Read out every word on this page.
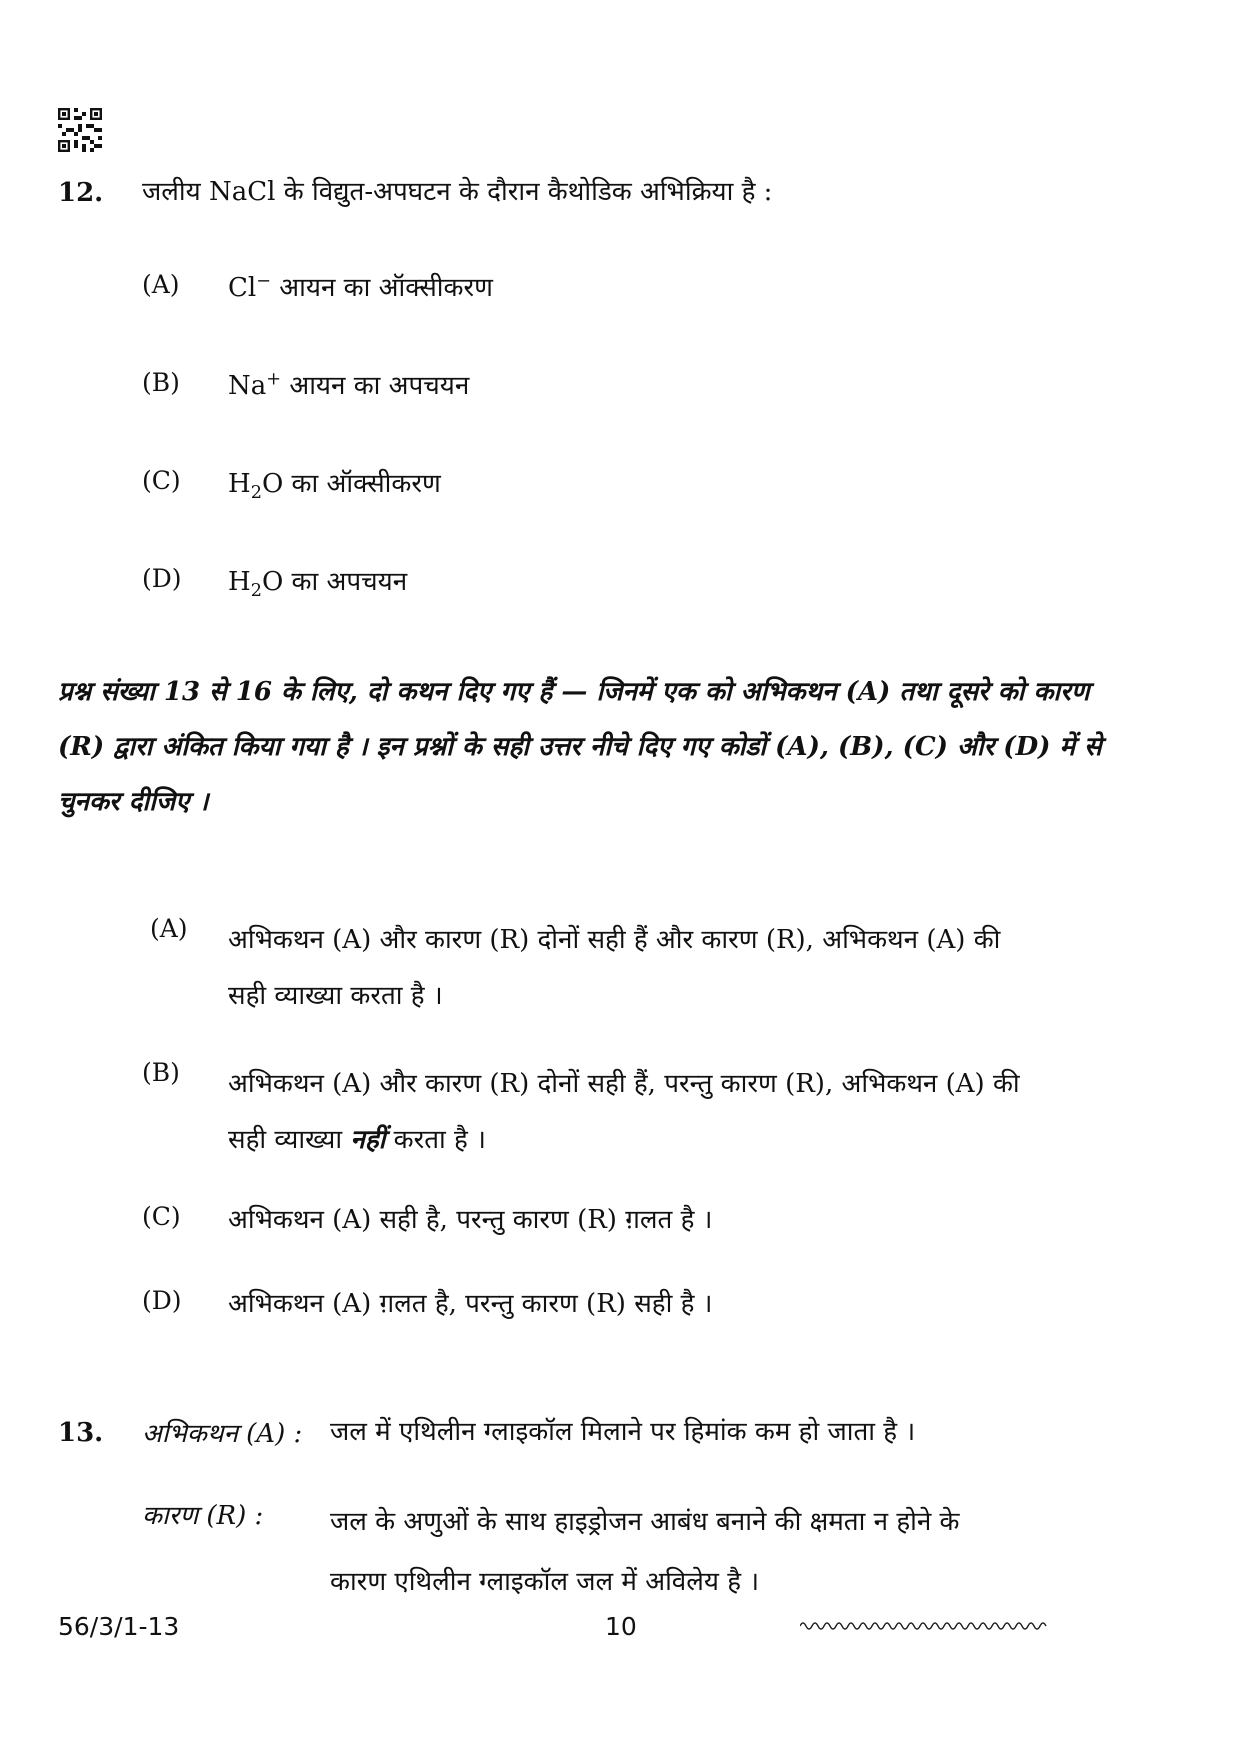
12. जलीय NaCl के विद्युत-अपघटन के दौरान कैथोडिक अभिक्रिया है :
(A) Cl− आयन का ऑक्सीकरण
(B) Na+ आयन का अपचयन
(C) $H_2O$ का ऑक्सीकरण
(D) $H_2O$ का अपचयन
प्रश्न संख्या 13 से 16 के लिए, दो कथन दिए गए हैं — जिनमें एक को अभिकथन (A) तथा दूसरे को कारण (R) द्वारा अंकित किया गया है । इन प्रश्नों के सही उत्तर नीचे दिए गए कोडों (A), (B), (C) और (D) में से चुनकर दीजिए ।
(A) अभिकथन (A) और कारण (R) दोनों सही हैं और कारण (R), अभिकथन (A) की
सही व्याख्या करता है ।
(B) अभिकथन (A) और कारण (R) दोनों सही हैं, परन्तु कारण (R), अभिकथन (A) की
सही व्याख्या नहीं करता है ।
(C) अभिकथन (A) सही है, परन्तु कारण (R) ग़लत है ।
(D) अभिकथन (A) ग़लत है, परन्तु कारण (R) सही है ।
13. अभिकथन (A) : जल में एथिलीन ग्लाइकॉल मिलाने पर हिमांक कम हो जाता है ।
कारण (R) :	जल के अणुओं के साथ हाइड्रोजन आबंध बनाने की क्षमता न होने के
कारण एथिलीन ग्लाइकॉल जल में अविलेय है ।
56/3/1-13	10
